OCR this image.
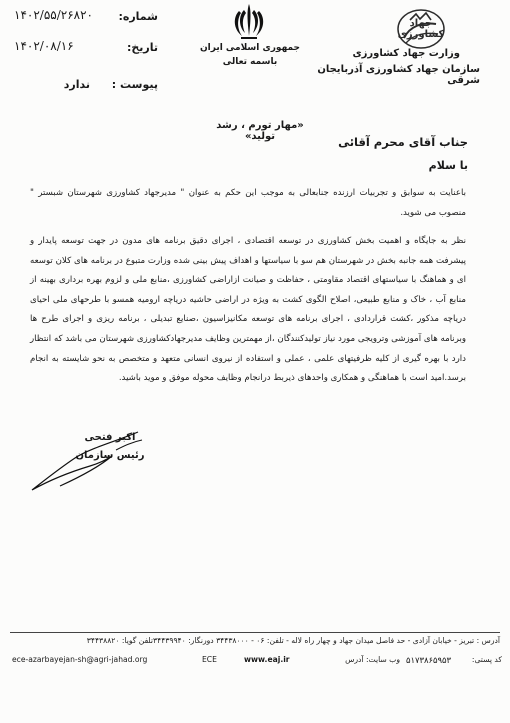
شماره:
۱۴۰۲/۵۵/۲۶۸۲۰
تاریخ:
۱۴۰۲/۰۸/۱۶
پیوست :
ندارد
جمهوری اسلامی ایران
باسمه تعالی
جهاد کشاورزی
وزارت جهاد کشاورزی
سازمان جهاد کشاورزی آذربایجان شرقی
«مهار تورم ، رشد تولید»	جناب آقای محرم آقائی
با سلام
باعنایت به سوابق و تجربیات ارزنده جنابعالی به موجب این حکم به عنوان " مدیرجهاد کشاورزی شهرستان شبستر " منصوب می شوید.
نظر به جایگاه و اهمیت بخش کشاورزی در توسعه اقتصادی ، اجرای دقیق برنامه های مدون در جهت توسعه پایدار و پیشرفت همه جانبه بخش در شهرستان هم سو با سیاستها و اهداف پیش بینی شده وزارت متبوع در برنامه های کلان توسعه ای و هماهنگ با سیاستهای اقتصاد مقاومتی ، حفاظت و صیانت ازاراضی کشاورزی ،منابع ملی و لزوم بهره برداری بهینه از منابع آب ، خاک و منابع طبیعی، اصلاح الگوی کشت به ویژه در اراضی حاشیه دریاچه ارومیه همسو با طرحهای ملی احیای دریاچه مذکور ،کشت قراردادی ، اجرای برنامه های توسعه مکانیزاسیون ،صنایع تبدیلی ، برنامه ریزی و اجرای طرح ها وبرنامه های آموزشی وترویجی مورد نیاز تولیدکنندگان ،از مهمترین وظایف مدیرجهادکشاورزی شهرستان می باشد که انتظار دارد با بهره گیری از کلیه ظرفیتهای علمی ، عملی و استفاده از نیروی انسانی متعهد و متخصص به نحو شایسته به انجام برسد.امید است با هماهنگی و همکاری واحدهای ذیربط درانجام وظایف محوله موفق و موید باشید.
اکبر فتحی
رئیس سازمان
آدرس : تبریز - خیابان آزادی - حد فاصل میدان جهاد و چهار راه لاله - تلفن: ۰۶ - ۳۴۴۳۸۰۰۰ دورنگار: ۳۴۴۳۹۹۴۰تلفن گویا: ۳۴۴۳۸۸۲۰
ece-azarbayejan-sh@agri-jahad.org	ECE	www.eaj.ir	وب سایت: آدرس ۵۱۷۳۸۶۵۹۵۳	کد پستی:
